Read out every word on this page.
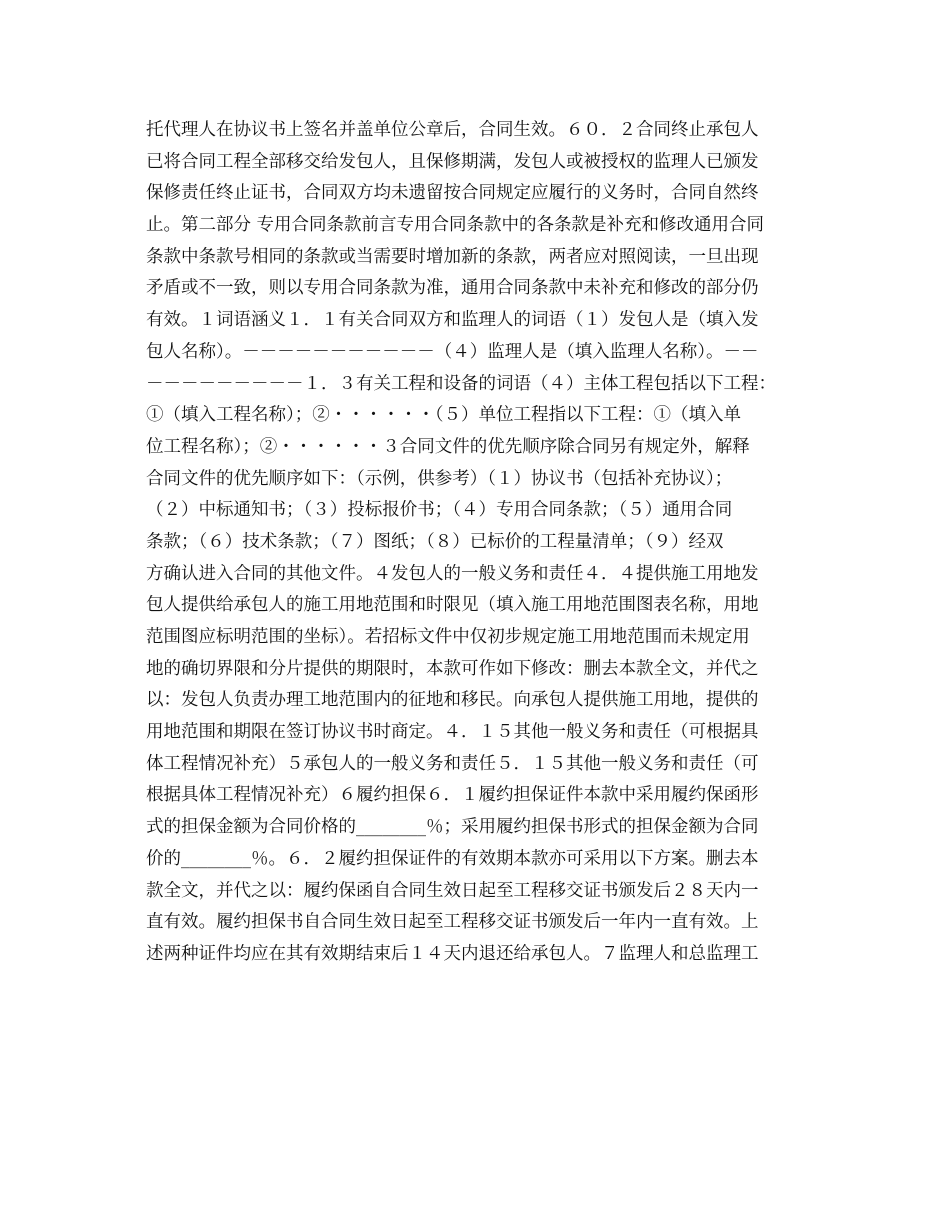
托代理人在协议书上签名并盖单位公章后，合同生效。６０．２合同终止承包人
已将合同工程全部移交给发包人，且保修期满，发包人或被授权的监理人已颁发
保修责任终止证书，合同双方均未遗留按合同规定应履行的义务时，合同自然终
止。第二部分 专用合同条款前言专用合同条款中的各条款是补充和修改通用合同
条款中条款号相同的条款或当需要时增加新的条款，两者应对照阅读，一旦出现
矛盾或不一致，则以专用合同条款为准，通用合同条款中未补充和修改的部分仍
有效。１词语涵义１．１有关合同双方和监理人的词语（１）发包人是（填入发
包人名称）。－－－－－－－－－－－（４）监理人是（填入监理人名称）。－－
－－－－－－－－－１．３有关工程和设备的词语（４）主体工程包括以下工程：
①（填入工程名称）；②・・・・・・（５）单位工程指以下工程：①（填入单
位工程名称）；②・・・・・・３合同文件的优先顺序除合同另有规定外，解释
合同文件的优先顺序如下：（示例，供参考）（１）协议书（包括补充协议）；
（２）中标通知书；（３）投标报价书；（４）专用合同条款；（５）通用合同
条款；（６）技术条款；（７）图纸；（８）已标价的工程量清单；（９）经双
方确认进入合同的其他文件。４发包人的一般义务和责任４．４提供施工用地发
包人提供给承包人的施工用地范围和时限见（填入施工用地范围图表名称，用地
范围图应标明范围的坐标）。若招标文件中仅初步规定施工用地范围而未规定用
地的确切界限和分片提供的期限时，本款可作如下修改：删去本款全文，并代之
以：发包人负责办理工地范围内的征地和移民。向承包人提供施工用地，提供的
用地范围和期限在签订协议书时商定。４．１５其他一般义务和责任（可根据具
体工程情况补充）５承包人的一般义务和责任５．１５其他一般义务和责任（可
根据具体工程情况补充）６履约担保６．１履约担保证件本款中采用履约保函形
式的担保金额为合同价格的________％；采用履约担保书形式的担保金额为合同
价的________％。６．２履约担保证件的有效期本款亦可采用以下方案。删去本
款全文，并代之以：履约保函自合同生效日起至工程移交证书颁发后２８天内一
直有效。履约担保书自合同生效日起至工程移交证书颁发后一年内一直有效。上
述两种证件均应在其有效期结束后１４天内退还给承包人。７监理人和总监理工
